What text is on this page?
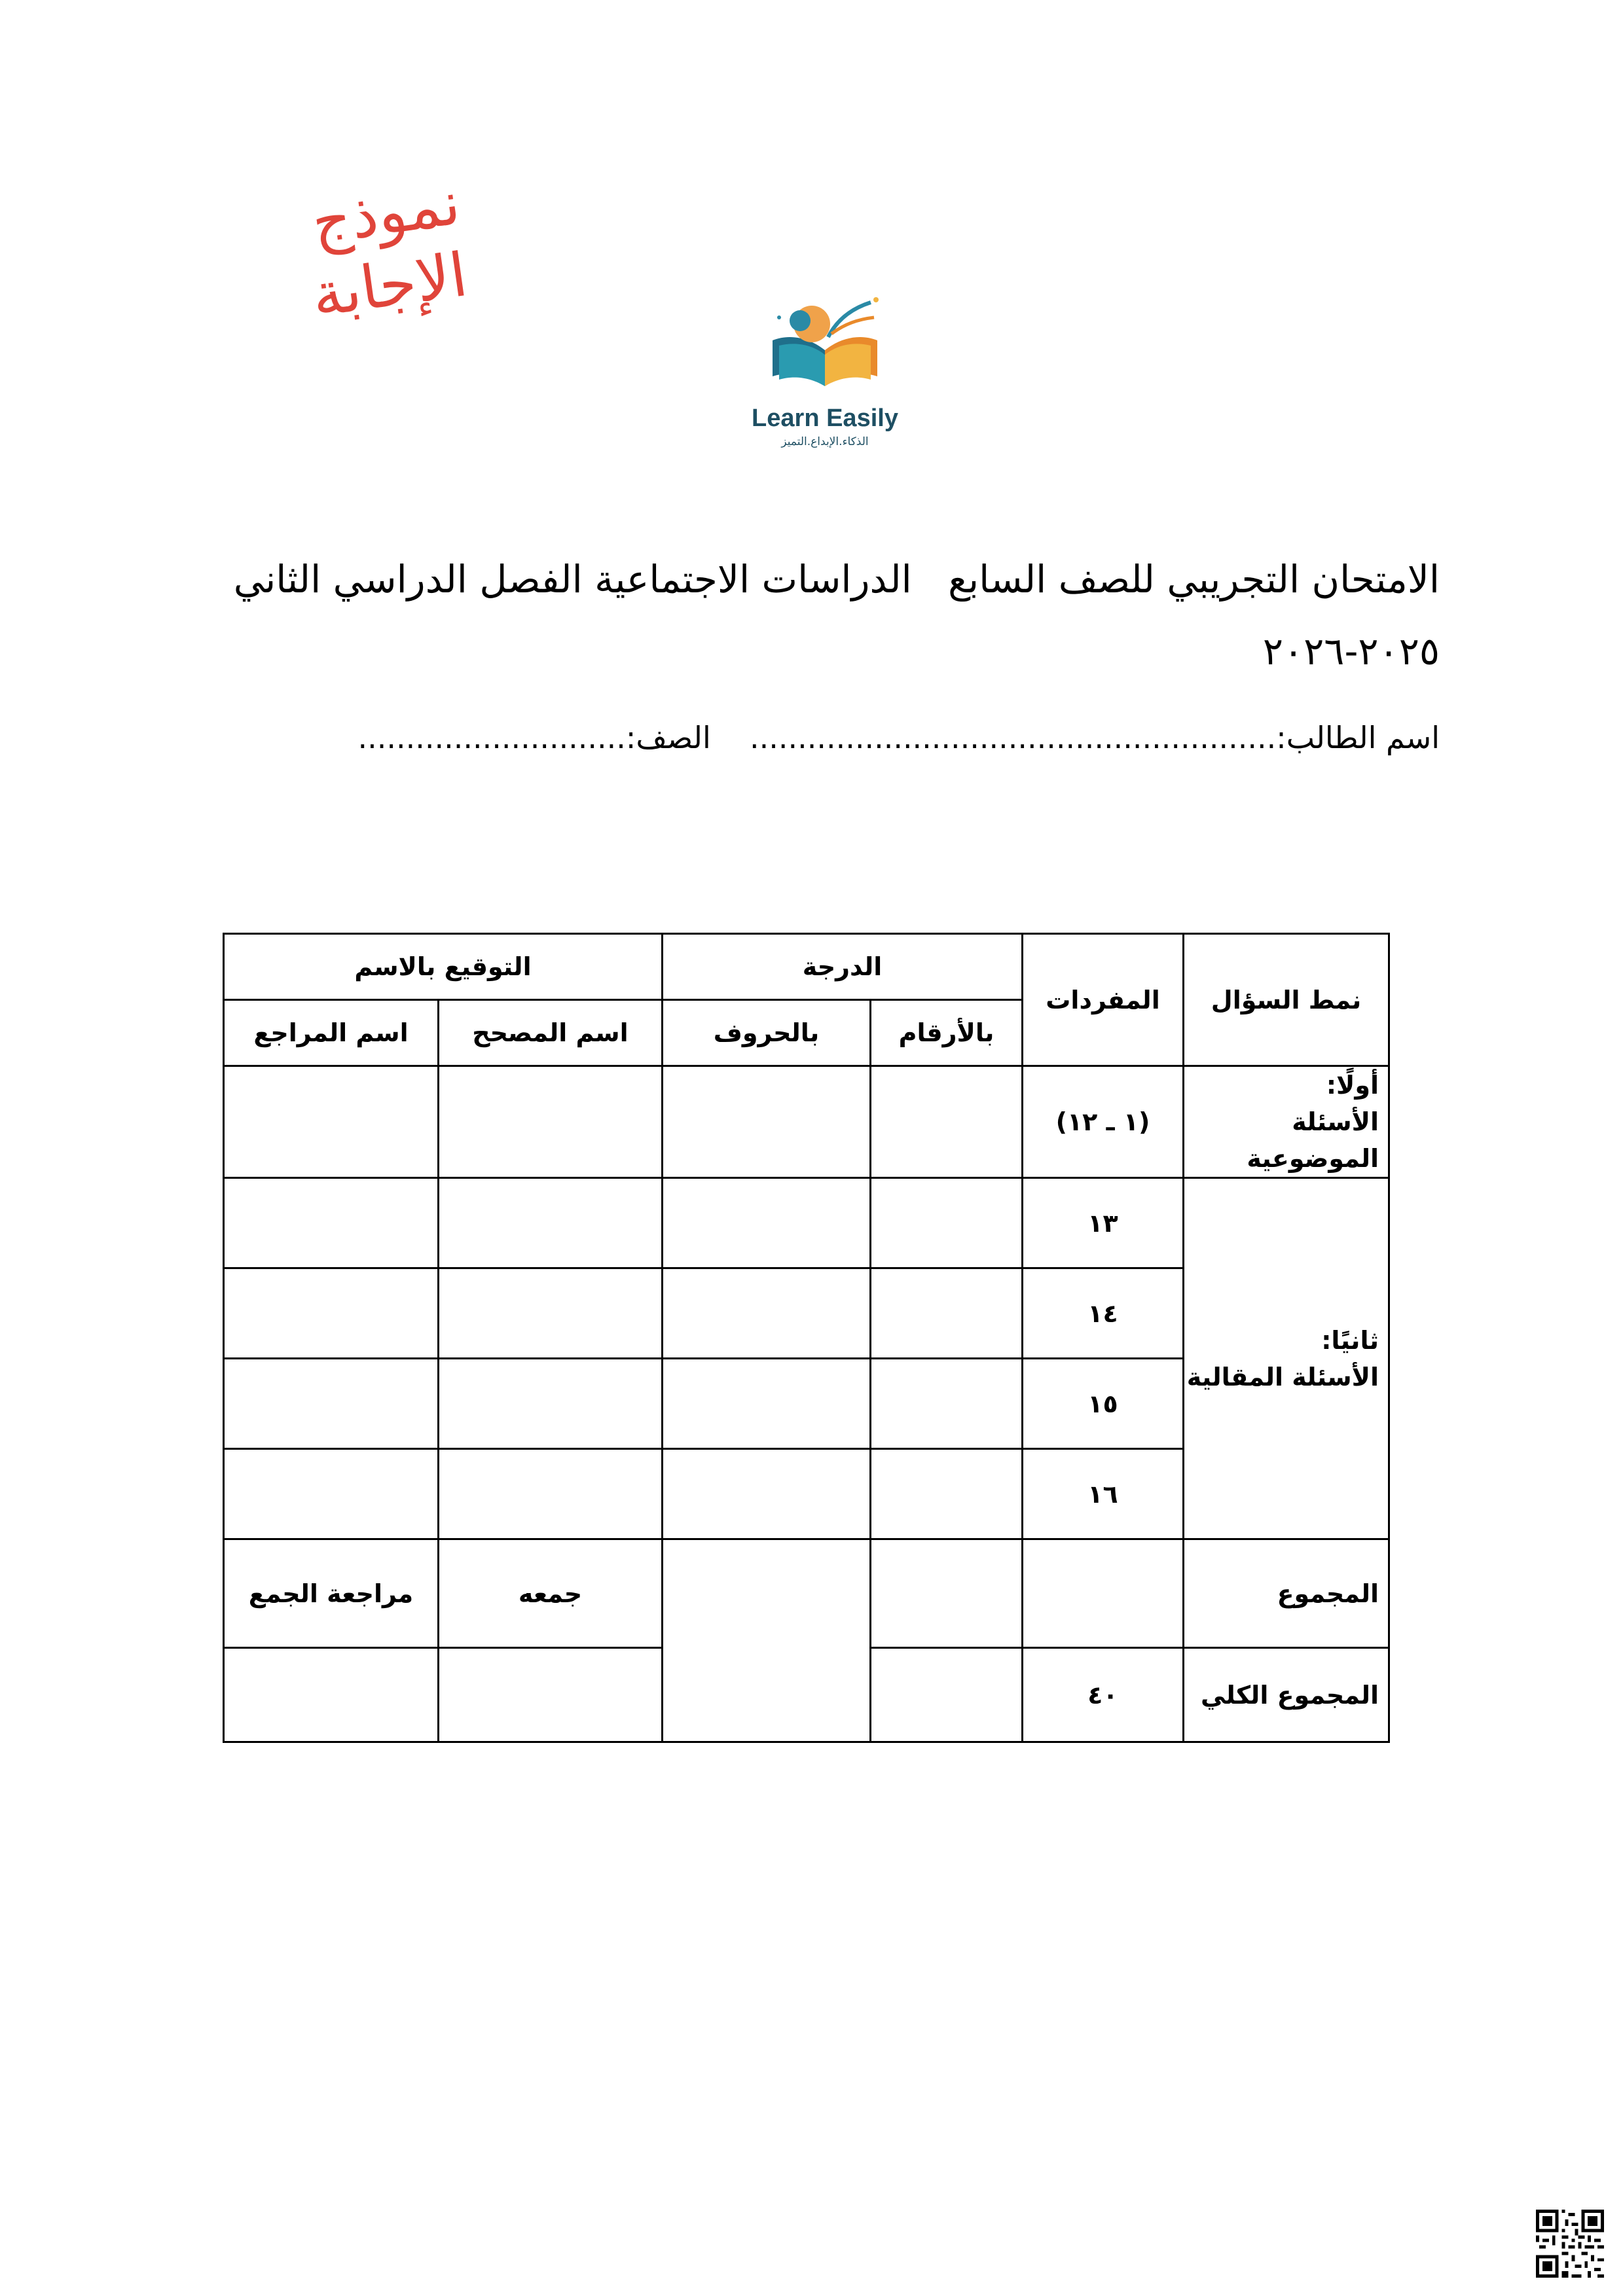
نموذج
الإجابة
Learn Easily
الذكاء.الإبداع.التميز
الامتحان التجريبي للصف السابع   الدراسات الاجتماعية الفصل الدراسي الثاني
٢٠٢٥-٢٠٢٦
اسم الطالب:.......................................................  الصف:............................
نمط السؤال	المفردات	الدرجة		التوقيع بالاسم	
		بالأرقام	بالحروف	اسم المصحح	اسم المراجع

أولًا:
الأسئلة الموضوعية	(١ ـ ١٢)				

ثانيًا:
الأسئلة المقالية	١٣				
	١٤				
	١٥				
	١٦				
المجموع				جمعه	مراجعة الجمع
المجموع الكلي	٤٠				
